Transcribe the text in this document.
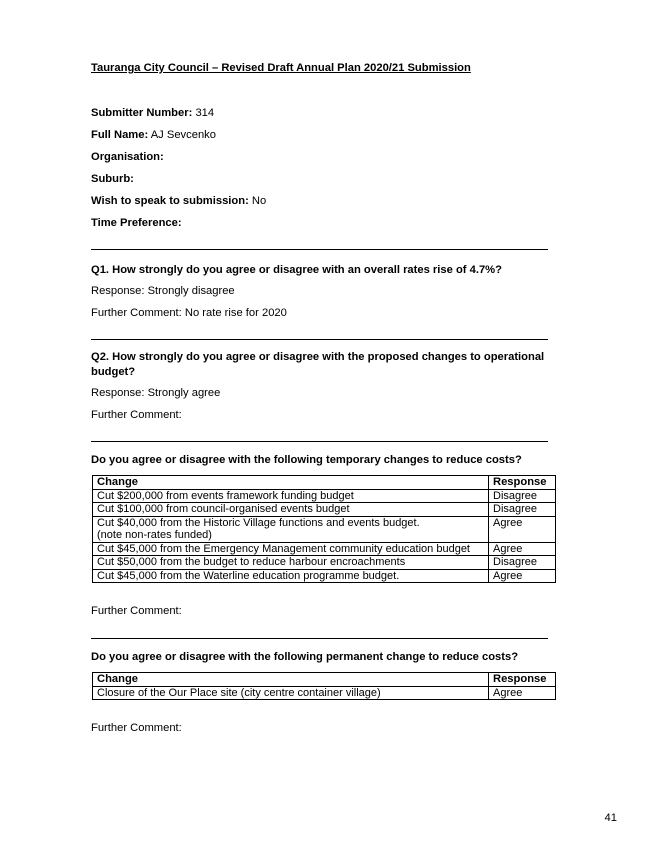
Tauranga City Council – Revised Draft Annual Plan 2020/21 Submission
Submitter Number: 314
Full Name: AJ Sevcenko
Organisation:
Suburb:
Wish to speak to submission: No
Time Preference:
Q1. How strongly do you agree or disagree with an overall rates rise of 4.7%?
Response: Strongly disagree
Further Comment: No rate rise for 2020
Q2. How strongly do you agree or disagree with the proposed changes to operational budget?
Response: Strongly agree
Further Comment:
Do you agree or disagree with the following temporary changes to reduce costs?
Change	Response
Cut $200,000 from events framework funding budget	Disagree
Cut $100,000 from council-organised events budget	Disagree

Cut $40,000 from the Historic Village functions and events budget.
(note non-rates funded)	Agree
Cut $45,000 from the Emergency Management community education budget	Agree
Cut $50,000 from the budget to reduce harbour encroachments	Disagree
Cut $45,000 from the Waterline education programme budget.	Agree
Further Comment:
Do you agree or disagree with the following permanent change to reduce costs?
Change	Response
Closure of the Our Place site (city centre container village)	Agree
Further Comment:
41
